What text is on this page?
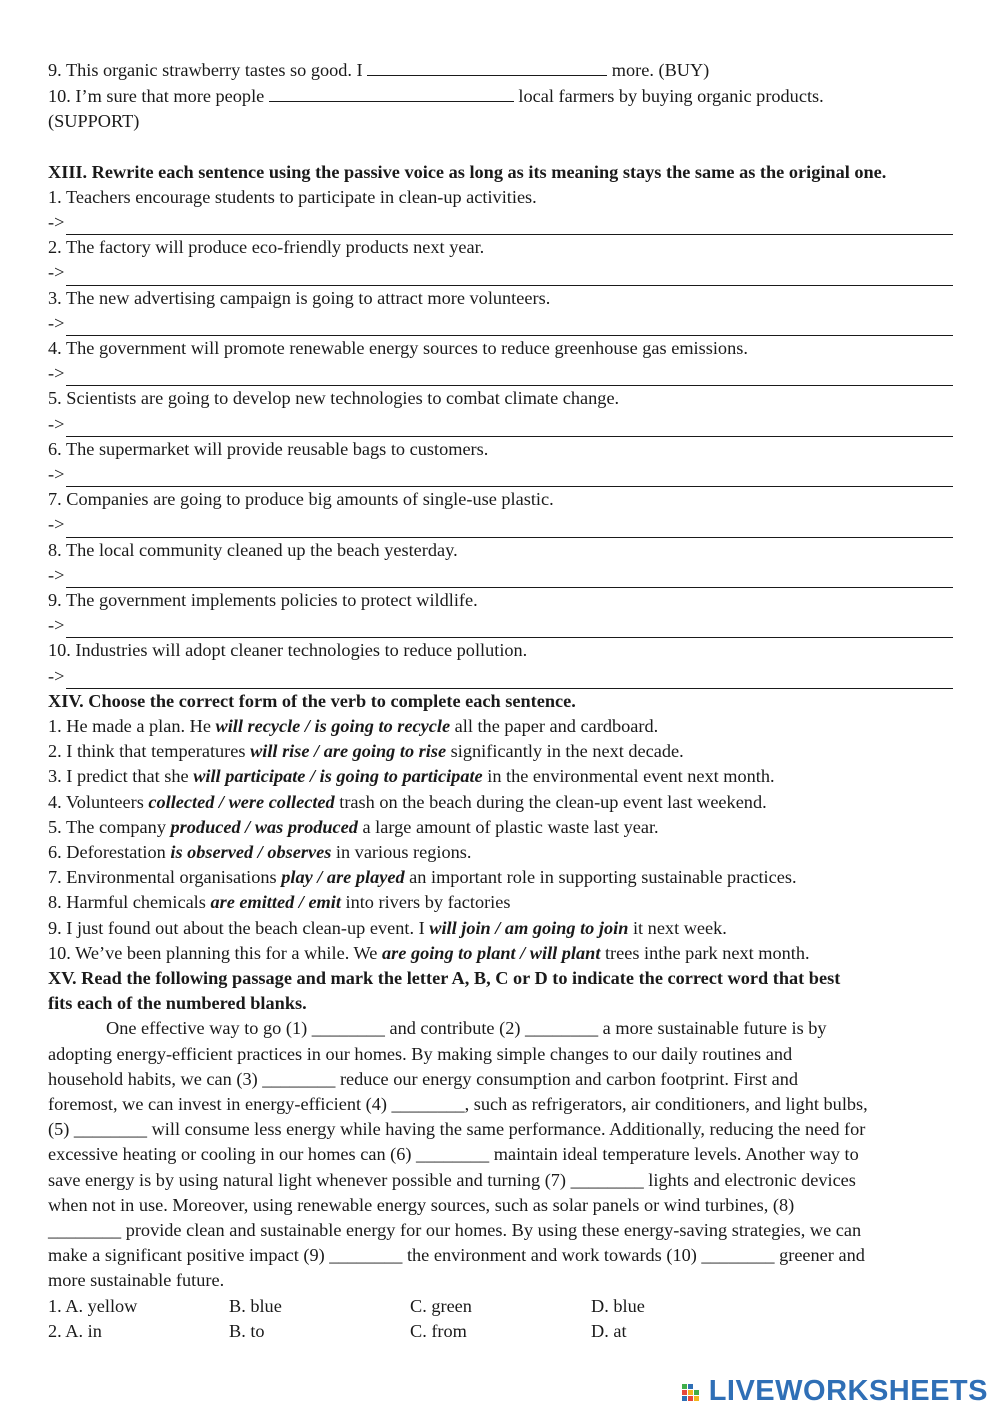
9. This organic strawberry tastes so good. I	more. (BUY)
10. I’m sure that more people	local farmers by buying organic products.
(SUPPORT)
XIII. Rewrite each sentence using the passive voice as long as its meaning stays the same as the original one.
1. Teachers encourage students to participate in clean-up activities.
->
2. The factory will produce eco-friendly products next year.
->
3. The new advertising campaign is going to attract more volunteers.
->
4. The government will promote renewable energy sources to reduce greenhouse gas emissions.
->
5. Scientists are going to develop new technologies to combat climate change.
->
6. The supermarket will provide reusable bags to customers.
->
7. Companies are going to produce big amounts of single-use plastic.
->
8. The local community cleaned up the beach yesterday.
->
9. The government implements policies to protect wildlife.
->
10. Industries will adopt cleaner technologies to reduce pollution.
->
XIV. Choose the correct form of the verb to complete each sentence.
1. He made a plan. He will recycle / is going to recycle all the paper and cardboard.
2. I think that temperatures will rise / are going to rise significantly in the next decade.
3. I predict that she will participate / is going to participate in the environmental event next month.
4. Volunteers collected / were collected trash on the beach during the clean-up event last weekend.
5. The company produced / was produced a large amount of plastic waste last year.
6. Deforestation is observed / observes in various regions.
7. Environmental organisations play / are played an important role in supporting sustainable practices.
8. Harmful chemicals are emitted / emit into rivers by factories
9. I just found out about the beach clean-up event. I will join / am going to join it next week.
10. We’ve been planning this for a while. We are going to plant / will plant trees inthe park next month.
XV. Read the following passage and mark the letter A, B, C or D to indicate the correct word that best
fits each of the numbered blanks.
One effective way to go (1) ________ and contribute (2) ________ a more sustainable future is by
adopting energy-efficient practices in our homes. By making simple changes to our daily routines and
household habits, we can (3) ________ reduce our energy consumption and carbon footprint. First and
foremost, we can invest in energy-efficient (4) ________, such as refrigerators, air conditioners, and light bulbs,
(5) ________ will consume less energy while having the same performance. Additionally, reducing the need for
excessive heating or cooling in our homes can (6) ________ maintain ideal temperature levels. Another way to
save energy is by using natural light whenever possible and turning (7) ________ lights and electronic devices
when not in use. Moreover, using renewable energy sources, such as solar panels or wind turbines, (8)
________ provide clean and sustainable energy for our homes. By using these energy-saving strategies, we can
make a significant positive impact (9) ________ the environment and work towards (10) ________ greener and
more sustainable future.
1. A. yellow	B. blue	C. green	D. blue
2. A. in	B. to	C. from	D. at
LIVEWORKSHEETS
